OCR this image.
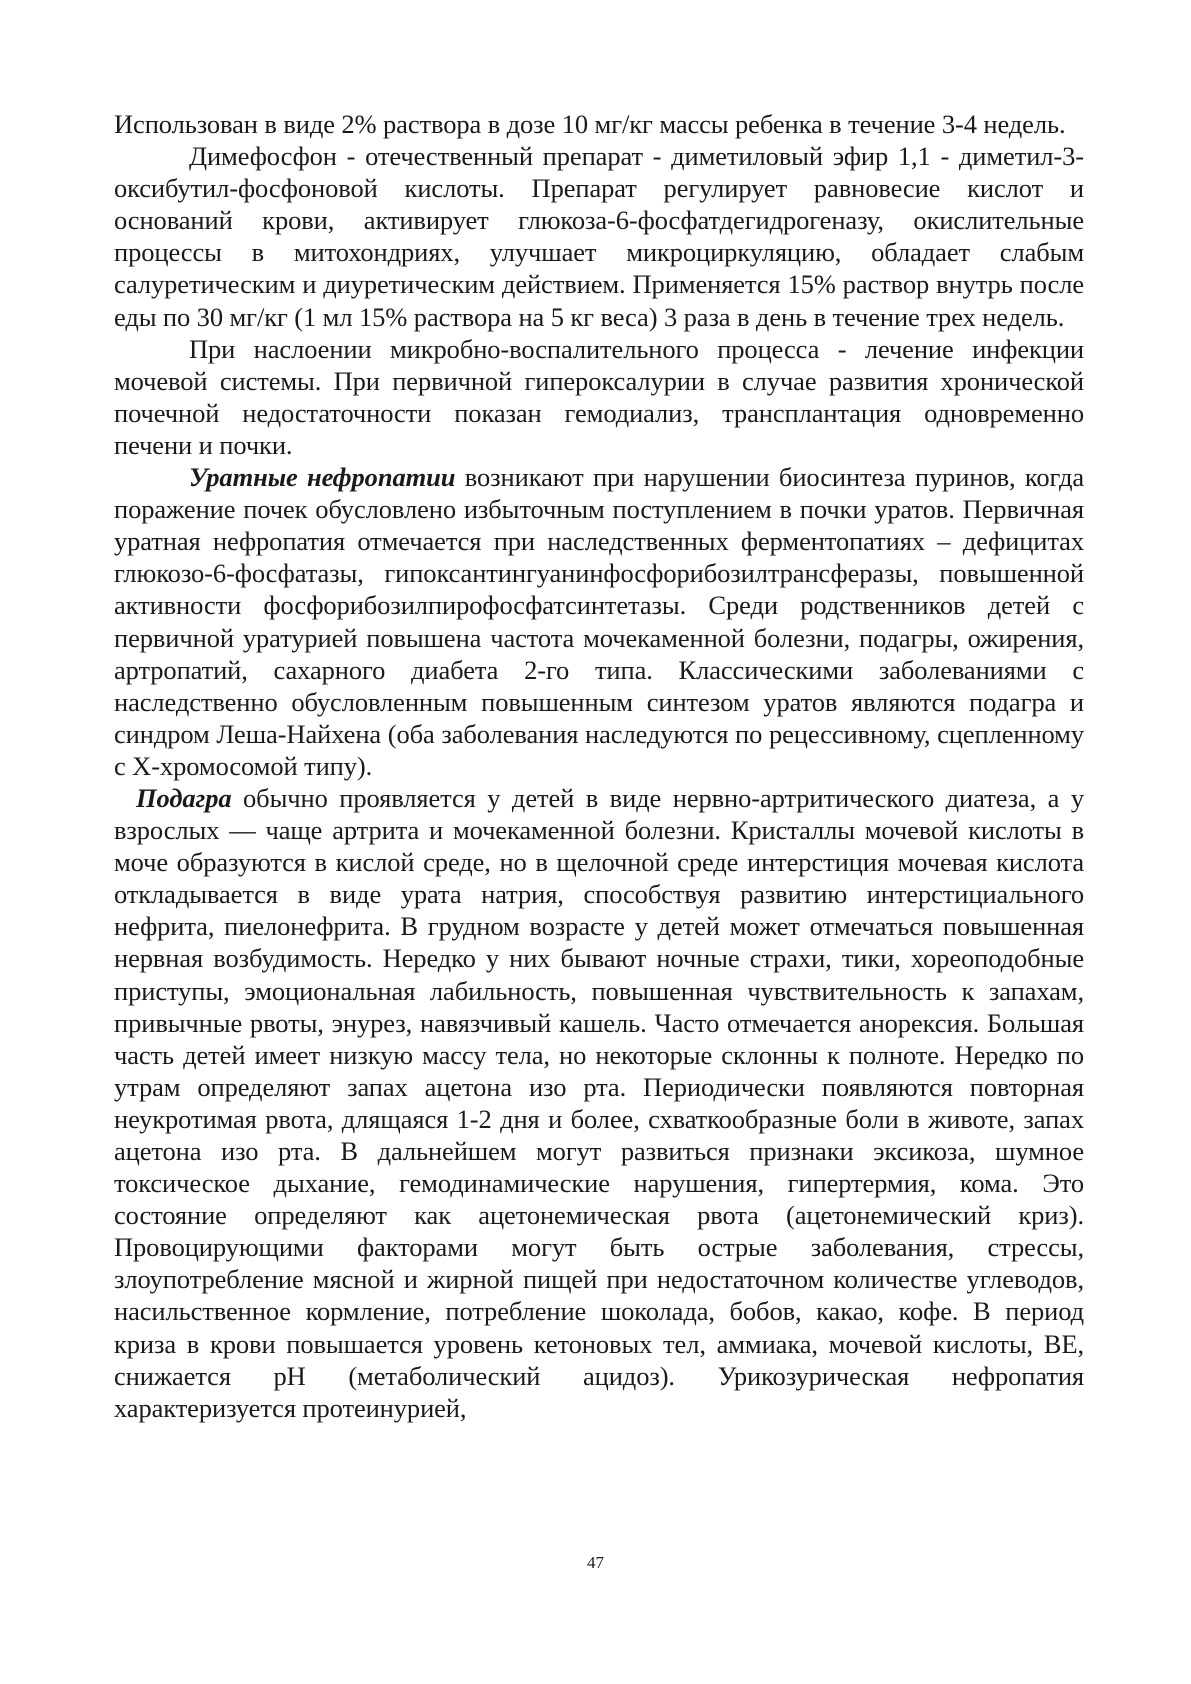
Использован в виде 2% раствора в дозе 10 мг/кг массы ребенка в течение 3-4 недель.

Димефосфон - отечественный препарат - диметиловый эфир 1,1 - диметил-3-оксибутил-фосфоновой кислоты. Препарат регулирует равновесие кислот и оснований крови, активирует глюкоза-6-фосфатдегидрогеназу, окислительные процессы в митохондриях, улучшает микроциркуляцию, обладает слабым салуретическим и диуретическим действием. Применяется 15% раствор внутрь после еды по 30 мг/кг (1 мл 15% раствора на 5 кг веса) 3 раза в день в течение трех недель.

При наслоении микробно-воспалительного процесса - лечение инфекции мочевой системы. При первичной гипероксалурии в случае развития хронической почечной недостаточности показан гемодиализ, трансплантация одновременно печени и почки.

Уратные нефропатии возникают при нарушении биосинтеза пуринов, когда поражение почек обусловлено избыточным поступлением в почки уратов. Первичная уратная нефропатия отмечается при наследственных ферментопатиях – дефицитах глюкозо-6-фосфатазы, гипоксантингуанинфосфорибозилтрансферазы, повышенной активности фосфорибозилпирофосфатсинтетазы. Среди родственников детей с первичной уратурией повышена частота мочекаменной болезни, подагры, ожирения, артропатий, сахарного диабета 2-го типа. Классическими заболеваниями с наследственно обусловленным повышенным синтезом уратов являются подагра и синдром Леша-Найхена (оба заболевания наследуются по рецессивному, сцепленному с Х-хромосомой типу).

Подагра обычно проявляется у детей в виде нервно-артритического диатеза, а у взрослых — чаще артрита и мочекаменной болезни. Кристаллы мочевой кислоты в моче образуются в кислой среде, но в щелочной среде интерстиция мочевая кислота откладывается в виде урата натрия, способствуя развитию интерстициального нефрита, пиелонефрита. В грудном возрасте у детей может отмечаться повышенная нервная возбудимость. Нередко у них бывают ночные страхи, тики, хореоподобные приступы, эмоциональная лабильность, повышенная чувствительность к запахам, привычные рвоты, энурез, навязчивый кашель. Часто отмечается анорексия. Большая часть детей имеет низкую массу тела, но некоторые склонны к полноте. Нередко по утрам определяют запах ацетона изо рта. Периодически появляются повторная неукротимая рвота, длящаяся 1-2 дня и более, схваткообразные боли в животе, запах ацетона изо рта. В дальнейшем могут развиться признаки эксикоза, шумное токсическое дыхание, гемодинамические нарушения, гипертермия, кома. Это состояние определяют как ацетонемическая рвота (ацетонемический криз). Провоцирующими факторами могут быть острые заболевания, стрессы, злоупотребление мясной и жирной пищей при недостаточном количестве углеводов, насильственное кормление, потребление шоколада, бобов, какао, кофе. В период криза в крови повышается уровень кетоновых тел, аммиака, мочевой кислоты, ВЕ, снижается рН (метаболический ацидоз). Урикозурическая нефропатия характеризуется протеинурией,

47
